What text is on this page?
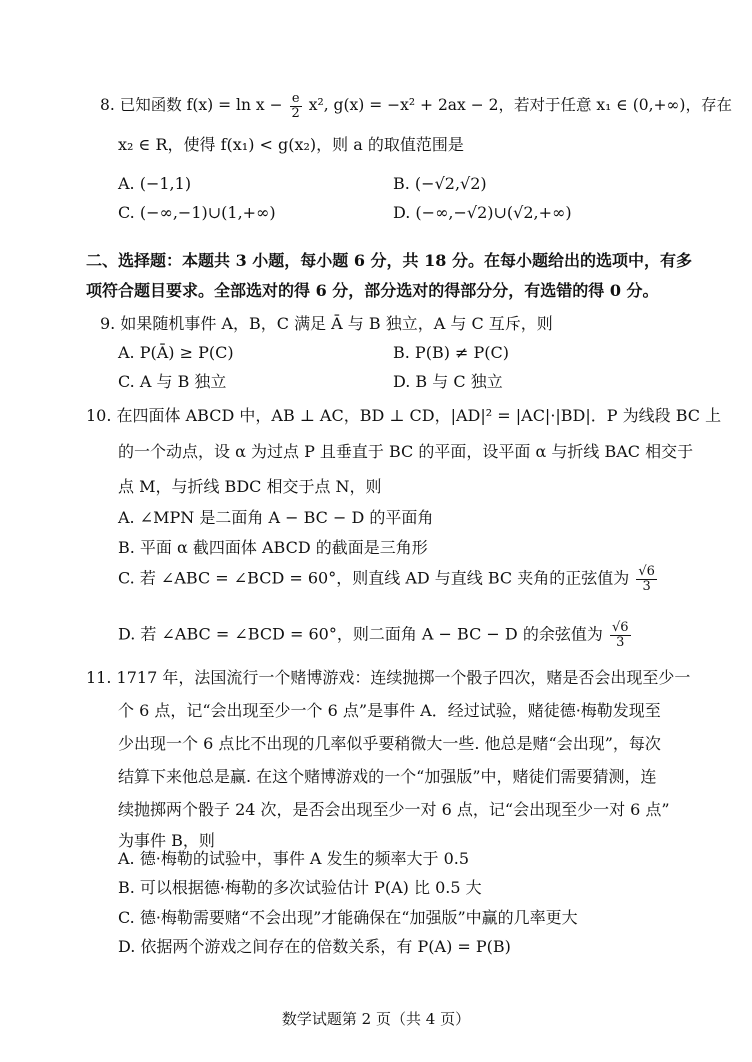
8. 已知函数 $f(x) = \ln x - \frac{e}{2} x^2$, g(x) = −x² + 2ax − 2，若对于任意 x₁ ∈ (0,+∞)，存在
x₂ ∈ R，使得 f(x₁) < g(x₂)，则 a 的取值范围是
A. (−1,1)	B. (−√2,√2)
C. (−∞,−1)∪(1,+∞)	D. (−∞,−√2)∪(√2,+∞)
二、选择题：本题共 3 小题，每小题 6 分，共 18 分。在每小题给出的选项中，有多
项符合题目要求。全部选对的得 6 分，部分选对的得部分分，有选错的得 0 分。
9. 如果随机事件 A，B，C 满足 Ā 与 B 独立，A 与 C 互斥，则
A. P(Ā) ≥ P(C)	B. P(B) ≠ P(C)
C. A 与 B 独立	D. B 与 C 独立
10. 在四面体 ABCD 中，AB ⊥ AC，BD ⊥ CD，|AD|² = |AC|·|BD|．P 为线段 BC 上
的一个动点，设 α 为过点 P 且垂直于 BC 的平面，设平面 α 与折线 BAC 相交于
点 M，与折线 BDC 相交于点 N，则
A. ∠MPN 是二面角 A − BC − D 的平面角
B. 平面 α 截四面体 ABCD 的截面是三角形
C. 若 ∠ABC = ∠BCD = 60°，则直线 AD 与直线 BC 夹角的正弦值为 $\frac{√6}{3}$
D. 若 ∠ABC = ∠BCD = 60°，则二面角 A − BC − D 的余弦值为 $\frac{√6}{3}$
11. 1717 年，法国流行一个赌博游戏：连续抛掷一个骰子四次，赌是否会出现至少一
个 6 点，记“会出现至少一个 6 点”是事件 A．经过试验，赌徒德·梅勒发现至
少出现一个 6 点比不出现的几率似乎要稍微大一些. 他总是赌“会出现”，每次
结算下来他总是赢. 在这个赌博游戏的一个“加强版”中，赌徒们需要猜测，连
续抛掷两个骰子 24 次，是否会出现至少一对 6 点，记“会出现至少一对 6 点”
为事件 B，则
A. 德·梅勒的试验中，事件 A 发生的频率大于 0.5
B. 可以根据德·梅勒的多次试验估计 P(A) 比 0.5 大
C. 德·梅勒需要赌“不会出现”才能确保在“加强版”中赢的几率更大
D. 依据两个游戏之间存在的倍数关系，有 P(A) = P(B)
数学试题第 2 页（共 4 页）
